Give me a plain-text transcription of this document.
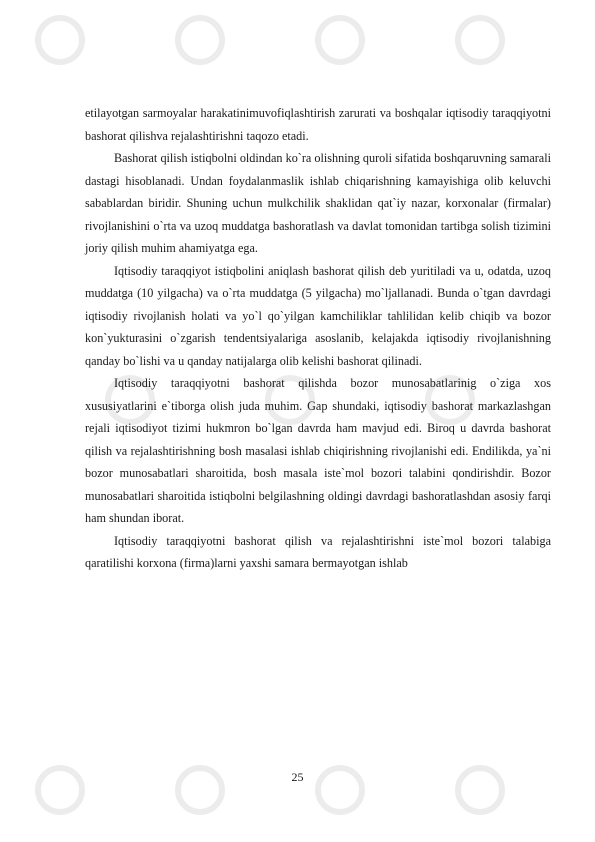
etilayotgan sarmoyalar harakatinimuvofiqlashtirish zarurati va boshqalar iqtisodiy taraqqiyotni bashorat qilishva rejalashtirishni taqozo etadi.

Bashorat qilish istiqbolni oldindan ko`ra olishning quroli sifatida boshqaruvning samarali dastagi hisoblanadi. Undan foydalanmaslik ishlab chiqarishning kamayishiga olib keluvchi sabablardan biridir. Shuning uchun mulkchilik shaklidan qat`iy nazar, korxonalar (firmalar) rivojlanishini o`rta va uzoq muddatga bashoratlash va davlat tomonidan tartibga solish tizimini joriy qilish muhim ahamiyatga ega.

Iqtisodiy taraqqiyot istiqbolini aniqlash bashorat qilish deb yuritiladi va u, odatda, uzoq muddatga (10 yilgacha) va o`rta muddatga (5 yilgacha) mo`ljallanadi. Bunda o`tgan davrdagi iqtisodiy rivojlanish holati va yo`l qo`yilgan kamchiliklar tahlilidan kelib chiqib va bozor kon`yukturasini o`zgarish tendentsiyalariga asoslanib, kelajakda iqtisodiy rivojlanishning qanday bo`lishi va u qanday natijalarga olib kelishi bashorat qilinadi.

Iqtisodiy taraqqiyotni bashorat qilishda bozor munosabatlarinig o`ziga xos xususiyatlarini e`tiborga olish juda muhim. Gap shundaki, iqtisodiy bashorat markazlashgan rejali iqtisodiyot tizimi hukmron bo`lgan davrda ham mavjud edi. Biroq u davrda bashorat qilish va rejalashtirishning bosh masalasi ishlab chiqirishning rivojlanishi edi. Endilikda, ya`ni bozor munosabatlari sharoitida, bosh masala iste`mol bozori talabini qondirishdir. Bozor munosabatlari sharoitida istiqbolni belgilashning oldingi davrdagi bashoratlashdan asosiy farqi ham shundan iborat.

Iqtisodiy taraqqiyotni bashorat qilish va rejalashtirishni iste`mol bozori talabiga qaratilishi korxona (firma)larni yaxshi samara bermayotgan ishlab

25
